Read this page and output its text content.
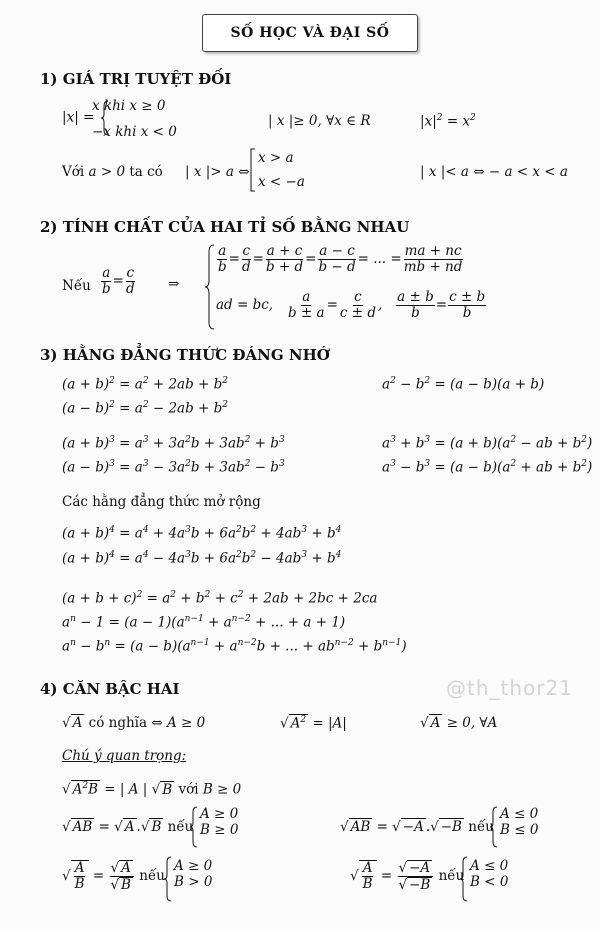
SỐ HỌC VÀ ĐẠI SỐ
1) GIÁ TRỊ TUYỆT ĐỐI
|x| =
x khi x ≥ 0
−x khi x < 0
| x |≥ 0, ∀x ∈ R	$|x|^2 = x^2$
Với a > 0 ta có | x |> a ⇔
x > a
x < −a
| x |< a ⇔ − a < x < a
2) TÍNH CHẤT CỦA HAI TỈ SỐ BẰNG NHAU
Nếu $\frac{a}{b} = \frac{c}{d}$ ⇒
$\frac{a}{b} = \frac{c}{d} = \frac{a + c}{b + d} = \frac{a - c}{b - d}$ = ... = $\frac{ma + nc}{mb + nd}$
ad = bc, $\frac{a}{b \pm a} = \frac{c}{c \pm d}$ , $\frac{a \pm b}{b} = \frac{c \pm b}{b}$
3) HẰNG ĐẲNG THỨC ĐÁNG NHỚ
$(a + b)^2 = a^2 + 2ab + b^2$
$(a - b)^2 = a^2 - 2ab + b^2$
$a^2 - b^2 = (a - b)(a + b)$
$(a + b)^3 = a^3 + 3a^2b + 3ab^2 + b^3$
$(a - b)^3 = a^3 - 3a^2b + 3ab^2 - b^3$
$a^3 + b^3 = (a + b)(a^2$ − ab + $b^2$)
$a^3 - b^3 = (a - b)(a^2$ + ab + $b^2$)
Các hằng đẳng thức mở rộng
$(a + b)^4 = a^4 + 4a^3b + 6a^2b^2 + 4ab^3 + b^4$
$(a + b)^4 = a^4 - 4a^3b + 6a^2b^2 - 4ab^3 + b^4$
$(a + b + c)^2 = a^2 + b^2 + c^2 + 2ab + 2bc + 2ca$
$a^n - 1 = (a - 1)(a^{n-1} + a^{n-2}$ + ... + a + 1)
$a^n - b^n = (a - b)(a^{n-1} + a^{n-2}b$ + ... + $ab^{n-2} + b^{n-1}$)
4) CĂN BẬC HAI	@th_thor21
√ A có nghĩa ⇔ A ≥ 0	√ $A^2 = |A|$	√ A ≥ 0, ∀A
Chú ý quan trọng:
√ $A^2B$ = | A | √ B với B ≥ 0
√ AB = √ A .√ B nếu
A ≥ 0
B ≥ 0	√ AB = √ −A .√ −B nếu
A ≤ 0
B ≤ 0
√ $\frac{A}{B} = \frac{√ A}{√ B}$ nếu
A ≥ 0
B > 0	√ $\frac{A}{B} = \frac{√ -A}{√ -B}$ nếu
A ≤ 0
B < 0
